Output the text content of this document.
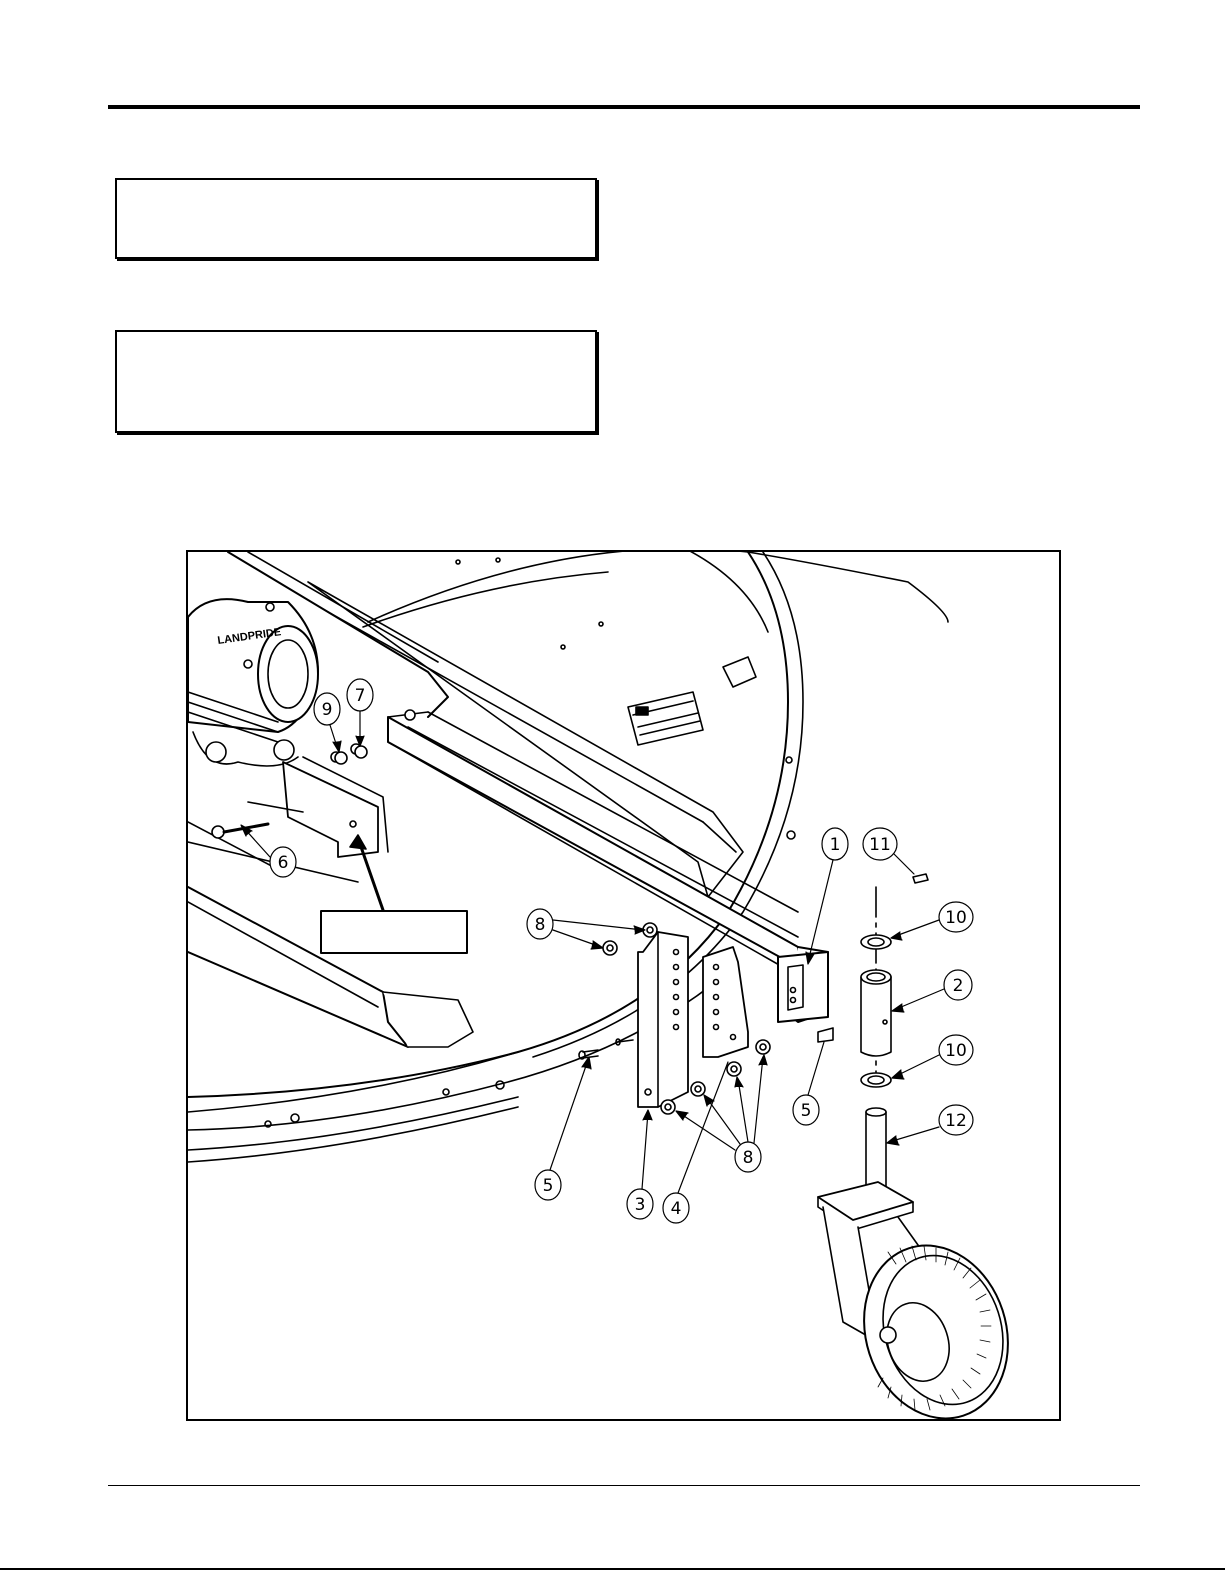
LANDPRIDE
1
2
3 4
5
5
6
7
8
8
9
10
10
11
12
